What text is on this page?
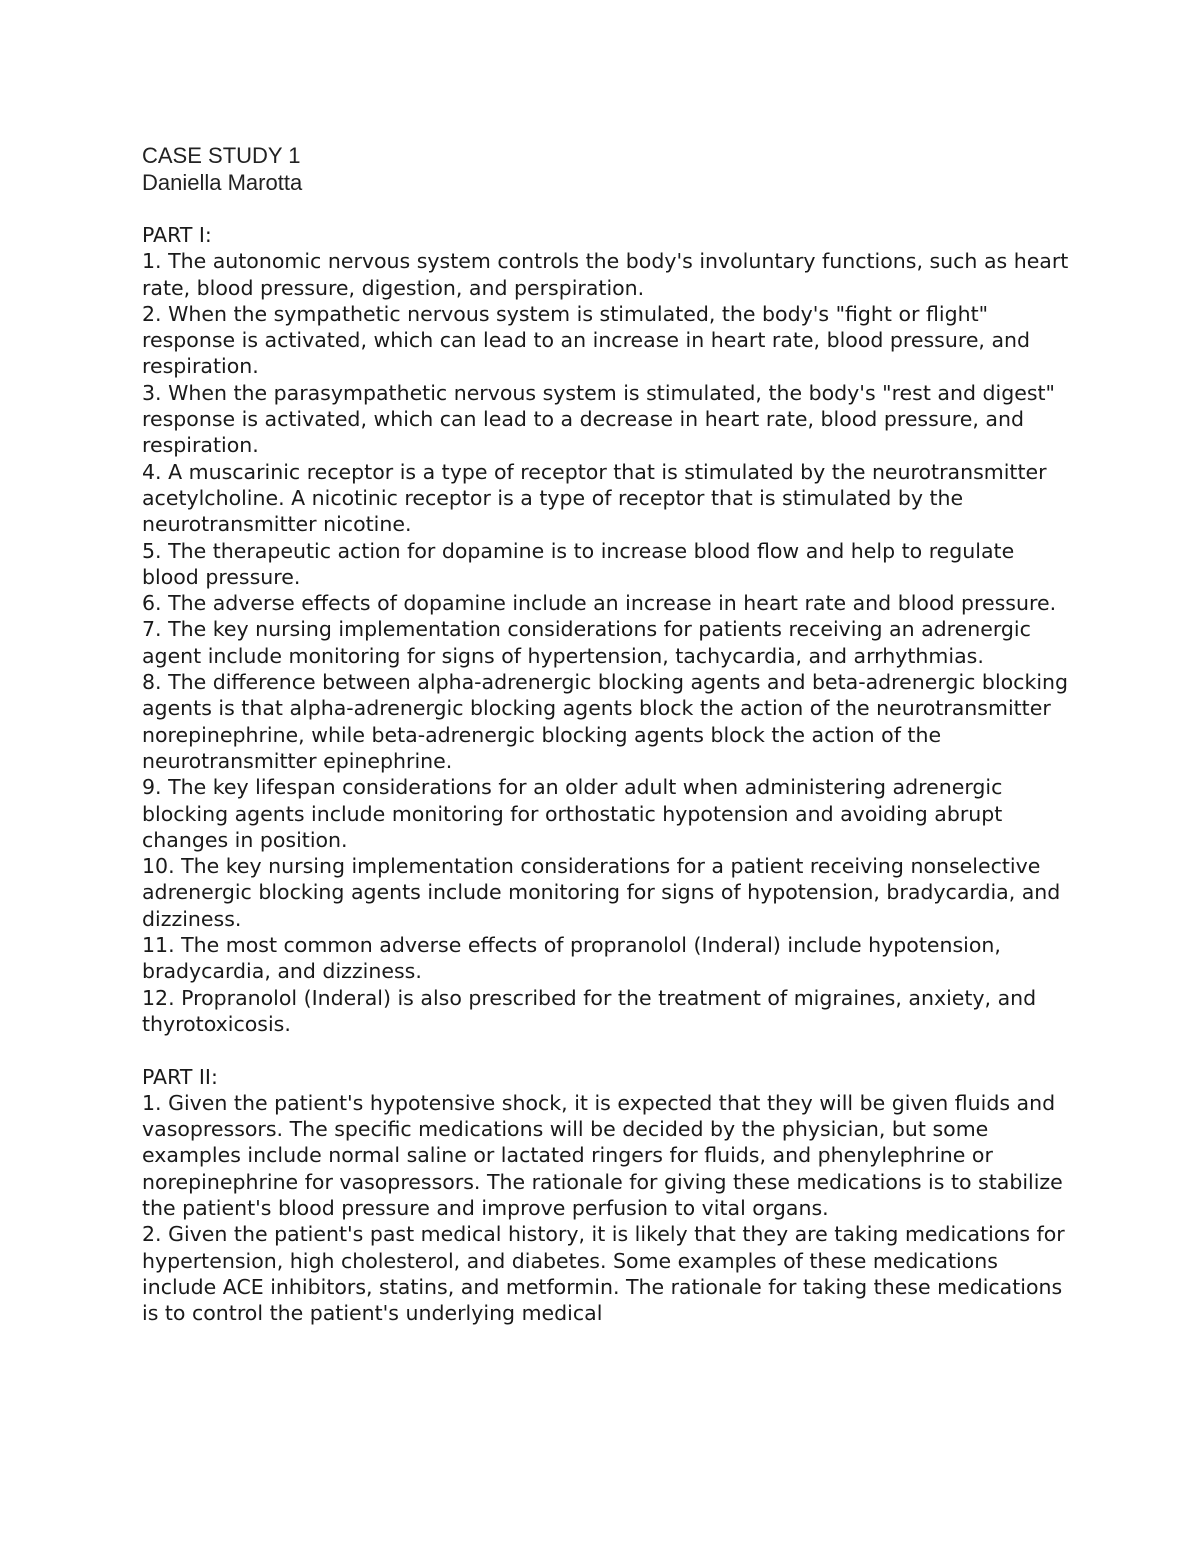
CASE STUDY 1

Daniella Marotta

PART I:

1. The autonomic nervous system controls the body's involuntary functions, such as heart rate, blood pressure, digestion, and perspiration.

2. When the sympathetic nervous system is stimulated, the body's "fight or flight" response is activated, which can lead to an increase in heart rate, blood pressure, and respiration.

3. When the parasympathetic nervous system is stimulated, the body's "rest and digest" response is activated, which can lead to a decrease in heart rate, blood pressure, and respiration.

4. A muscarinic receptor is a type of receptor that is stimulated by the neurotransmitter acetylcholine. A nicotinic receptor is a type of receptor that is stimulated by the neurotransmitter nicotine.

5. The therapeutic action for dopamine is to increase blood flow and help to regulate blood pressure.

6. The adverse effects of dopamine include an increase in heart rate and blood pressure.

7. The key nursing implementation considerations for patients receiving an adrenergic agent include monitoring for signs of hypertension, tachycardia, and arrhythmias.

8. The difference between alpha-adrenergic blocking agents and beta-adrenergic blocking agents is that alpha-adrenergic blocking agents block the action of the neurotransmitter norepinephrine, while beta-adrenergic blocking agents block the action of the neurotransmitter epinephrine.

9. The key lifespan considerations for an older adult when administering adrenergic blocking agents include monitoring for orthostatic hypotension and avoiding abrupt changes in position.

10. The key nursing implementation considerations for a patient receiving nonselective adrenergic blocking agents include monitoring for signs of hypotension, bradycardia, and dizziness.

11. The most common adverse effects of propranolol (Inderal) include hypotension, bradycardia, and dizziness.

12. Propranolol (Inderal) is also prescribed for the treatment of migraines, anxiety, and thyrotoxicosis.

PART II:

1. Given the patient's hypotensive shock, it is expected that they will be given fluids and vasopressors. The specific medications will be decided by the physician, but some examples include normal saline or lactated ringers for fluids, and phenylephrine or norepinephrine for vasopressors. The rationale for giving these medications is to stabilize the patient's blood pressure and improve perfusion to vital organs.

2. Given the patient's past medical history, it is likely that they are taking medications for hypertension, high cholesterol, and diabetes. Some examples of these medications include ACE inhibitors, statins, and metformin. The rationale for taking these medications is to control the patient's underlying medical
